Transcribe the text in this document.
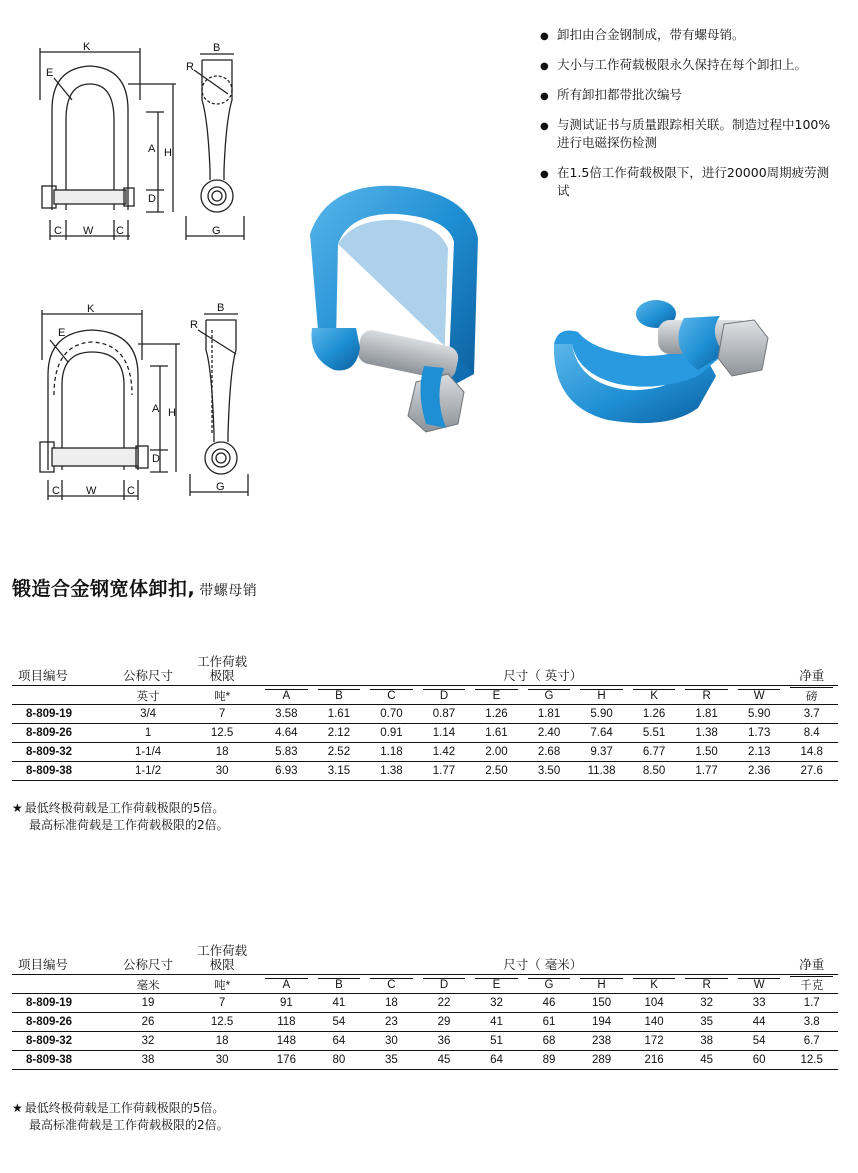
K
E
A H
D
C W C
B
R
G
K
E
A H
D
C W	C
B
R
G
● 卸扣由合金钢制成，带有螺母销。
● 大小与工作荷载极限永久保持在每个卸扣上。
● 所有卸扣都带批次编号
● 与测试证书与质量跟踪相关联。制造过程中100%进行电磁探伤检测
● 在1.5倍工作荷载极限下，进行20000周期疲劳测试
锻造合金钢宽体卸扣, 带螺母销
项目编号	公称尺寸	工作荷载
极限	尺寸（ 英寸）										净重

	英寸	吨*	A	B	C	D	E	G	H	K	R	W	磅

8-809-19	3/4	7	3.58	1.61	0.70	0.87	1.26	1.81	5.90	1.26	1.81	5.90	3.7
8-809-26	1	12.5	4.64	2.12	0.91	1.14	1.61	2.40	7.64	5.51	1.38	1.73	8.4
8-809-32	1-1/4	18	5.83	2.52	1.18	1.42	2.00	2.68	9.37	6.77	1.50	2.13	14.8
8-809-38	1-1/2	30	6.93	3.15	1.38	1.77	2.50	3.50	11.38	8.50	1.77	2.36	27.6
★ 最低终极荷载是工作荷载极限的5倍。
最高标准荷载是工作荷载极限的2倍。
项目编号	公称尺寸	工作荷载
极限	尺寸（ 毫米）										净重

	毫米	吨*	A	B	C	D	E	G	H	K	R	W	千克

8-809-19	19	7	91	41	18	22	32	46	150	104	32	33	1.7
8-809-26	26	12.5	118	54	23	29	41	61	194	140	35	44	3.8
8-809-32	32	18	148	64	30	36	51	68	238	172	38	54	6.7
8-809-38	38	30	176	80	35	45	64	89	289	216	45	60	12.5
★ 最低终极荷载是工作荷载极限的5倍。
最高标准荷载是工作荷载极限的2倍。
